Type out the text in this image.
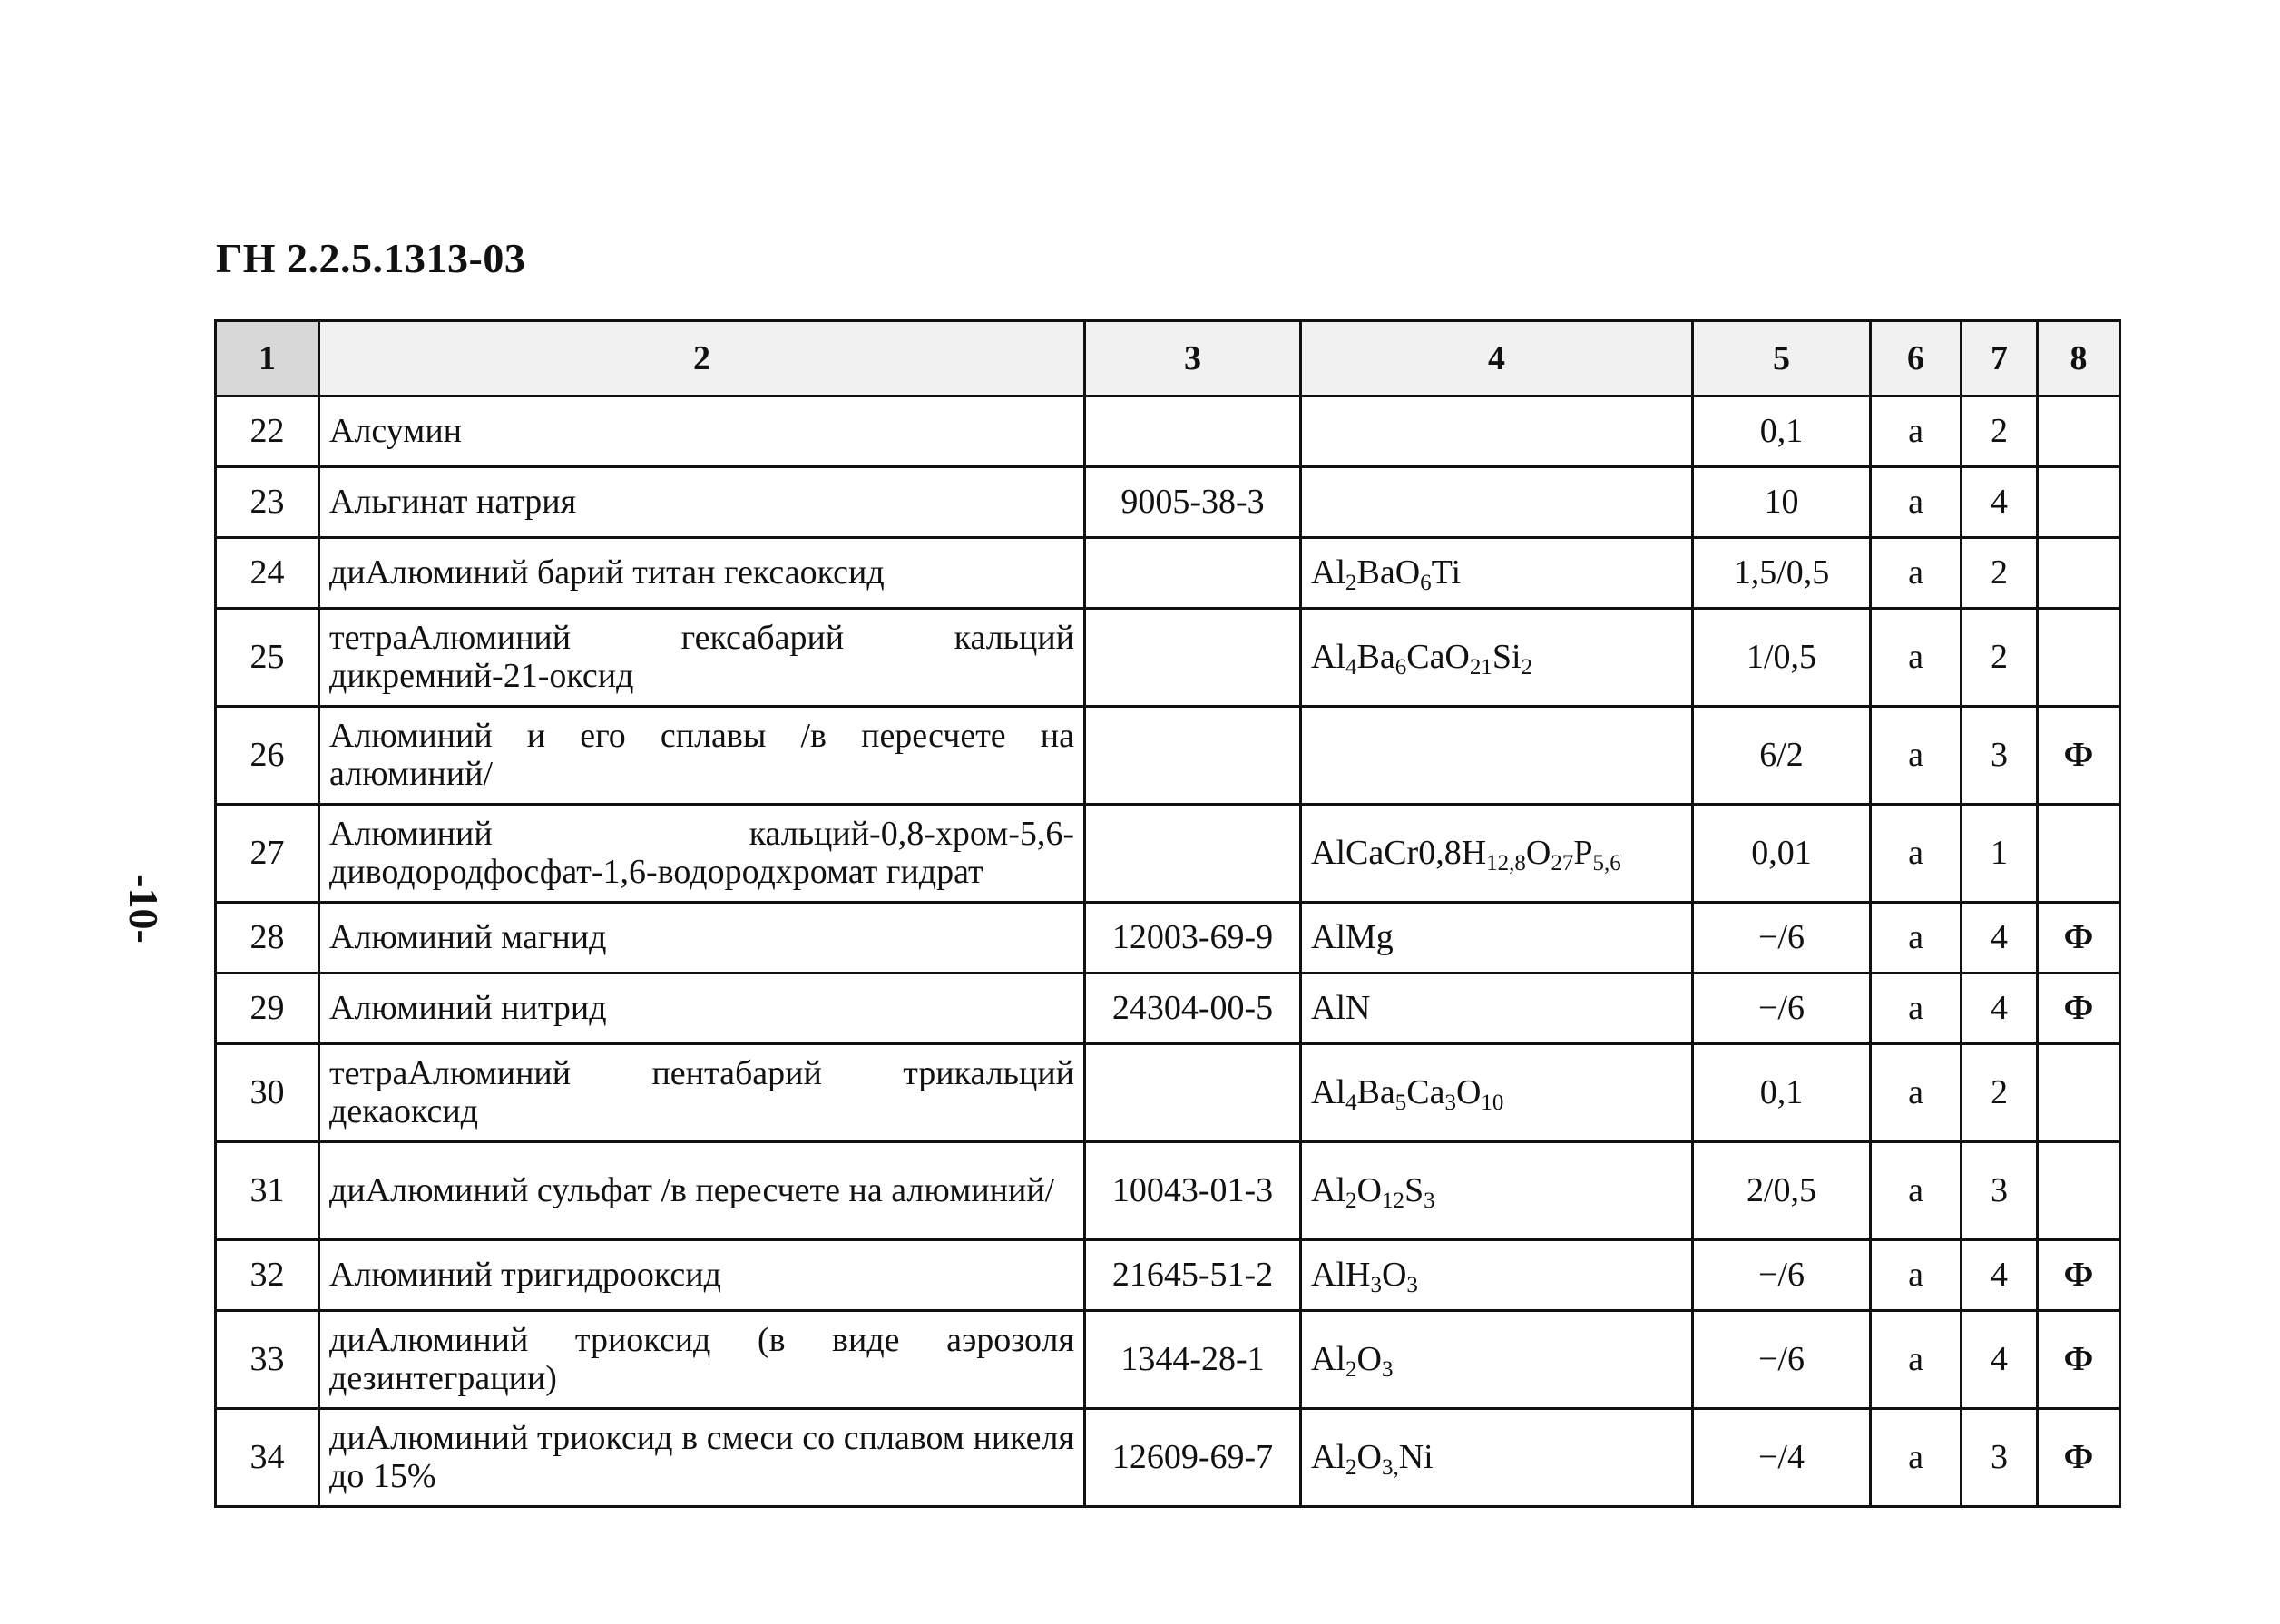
ГН 2.2.5.1313-03
-10-
1	2	3	4	5	6	7	8
22	Алсумин			0,1	а	2	
23	Альгинат натрия	9005-38-3		10	а	4	
24	диАлюминий барий титан гексаоксид		$Al_2BaO_6Ti$	1,5/0,5	а	2	
25	тетраАлюминий гексабарий кальций дикремний-21-оксид		$Al_4Ba_6CaO_{21}Si_2$	1/0,5	а	2	
26	Алюминий и его сплавы /в пересчете на алюминий/			6/2	а	3	Ф
27	Алюминий кальций-0,8-хром-5,6-диводородфосфат-1,6-водородхромат гидрат		$AlCaCr0,8H_{12,8}O_{27}P_{5,6}$	0,01	а	1	
28	Алюминий магнид	12003-69-9	AlMg	−/6	а	4	Ф
29	Алюминий нитрид	24304-00-5	AlN	−/6	а	4	Ф
30	тетраАлюминий пентабарий трикальций декаоксид		$Al_4Ba_5Ca_3O_{10}$	0,1	а	2	
31	диАлюминий сульфат /в пересчете на алюминий/	10043-01-3	$Al_2O_{12}S_3$	2/0,5	а	3	
32	Алюминий тригидрооксид	21645-51-2	$AlH_3O_3$	−/6	а	4	Ф
33	диАлюминий триоксид (в виде аэрозоля дезинтеграции)	1344-28-1	$Al_2O_3$	−/6	а	4	Ф
34	диАлюминий триоксид в смеси со сплавом никеля до 15%	12609-69-7	$Al_2O_{3,}Ni$	−/4	а	3	Ф
